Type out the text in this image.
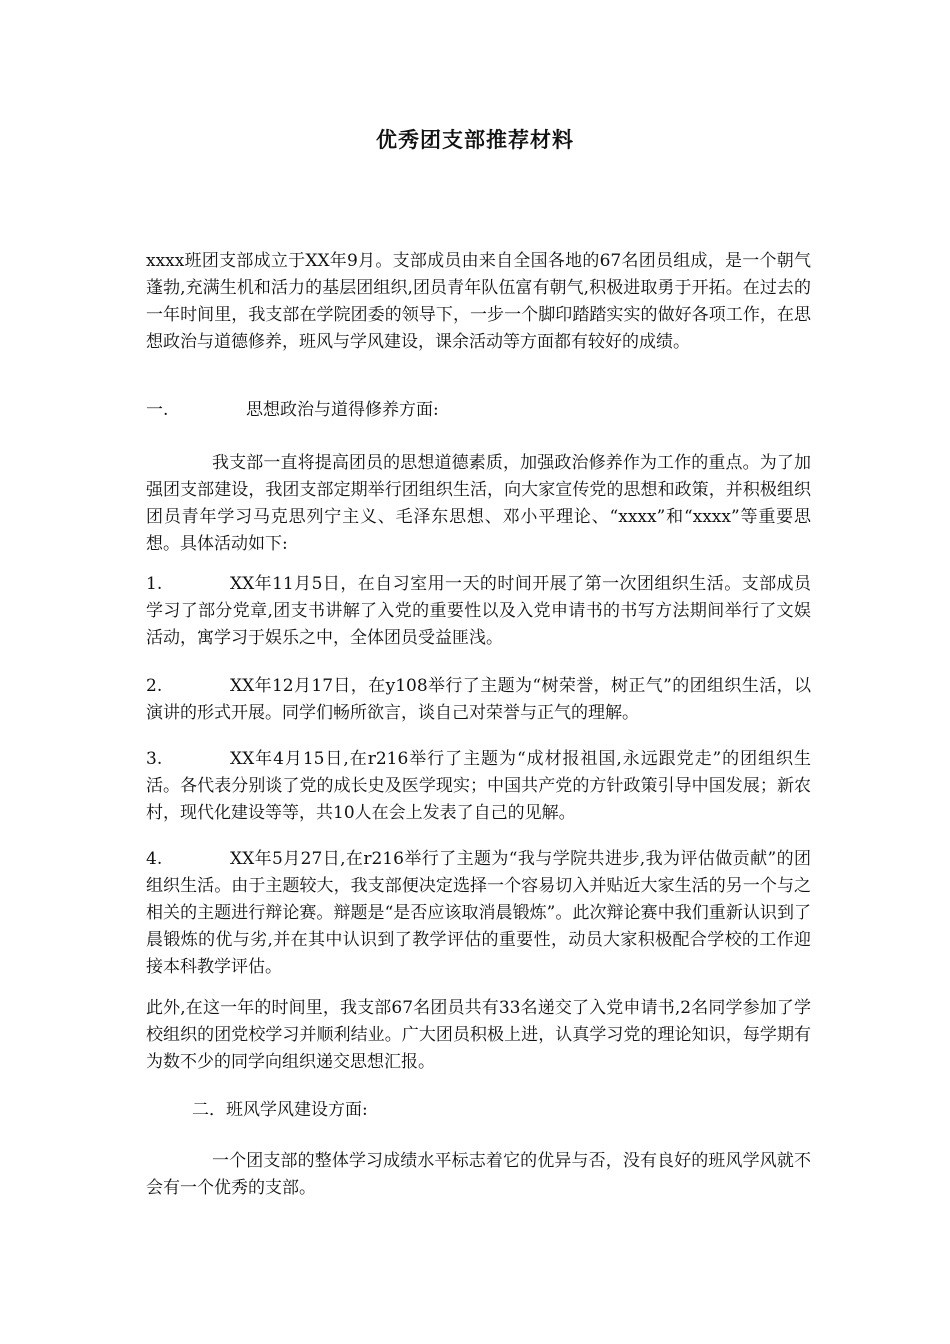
优秀团支部推荐材料

xxxx班团支部成立于XX年9月。支部成员由来自全国各地的67名团员组成，是一个朝气蓬勃,充满生机和活力的基层团组织,团员青年队伍富有朝气,积极进取勇于开拓。在过去的一年时间里，我支部在学院团委的领导下，一步一个脚印踏踏实实的做好各项工作，在思想政治与道德修养，班风与学风建设，课余活动等方面都有较好的成绩。

一.	思想政治与道得修养方面:

我支部一直将提高团员的思想道德素质，加强政治修养作为工作的重点。为了加强团支部建设，我团支部定期举行团组织生活，向大家宣传党的思想和政策，并积极组织团员青年学习马克思列宁主义、毛泽东思想、邓小平理论、“xxxx”和“xxxx”等重要思想。具体活动如下:

1.	XX年11月5日，在自习室用一天的时间开展了第一次团组织生活。支部成员学习了部分党章,团支书讲解了入党的重要性以及入党申请书的书写方法期间举行了文娱活动，寓学习于娱乐之中，全体团员受益匪浅。

2.	XX年12月17日，在y108举行了主题为“树荣誉，树正气”的团组织生活，以演讲的形式开展。同学们畅所欲言，谈自己对荣誉与正气的理解。

3.	XX年4月15日,在r216举行了主题为“成材报祖国,永远跟党走”的团组织生活。各代表分别谈了党的成长史及医学现实；中国共产党的方针政策引导中国发展；新农村，现代化建设等等，共10人在会上发表了自己的见解。

4.	XX年5月27日,在r216举行了主题为“我与学院共进步,我为评估做贡献”的团组织生活。由于主题较大，我支部便决定选择一个容易切入并贴近大家生活的另一个与之相关的主题进行辩论赛。辩题是“是否应该取消晨锻炼”。此次辩论赛中我们重新认识到了晨锻炼的优与劣,并在其中认识到了教学评估的重要性，动员大家积极配合学校的工作迎接本科教学评估。

此外,在这一年的时间里，我支部67名团员共有33名递交了入党申请书,2名同学参加了学校组织的团党校学习并顺利结业。广大团员积极上进，认真学习党的理论知识，每学期有为数不少的同学向组织递交思想汇报。

二．班风学风建设方面:

一个团支部的整体学习成绩水平标志着它的优异与否，没有良好的班风学风就不会有一个优秀的支部。
